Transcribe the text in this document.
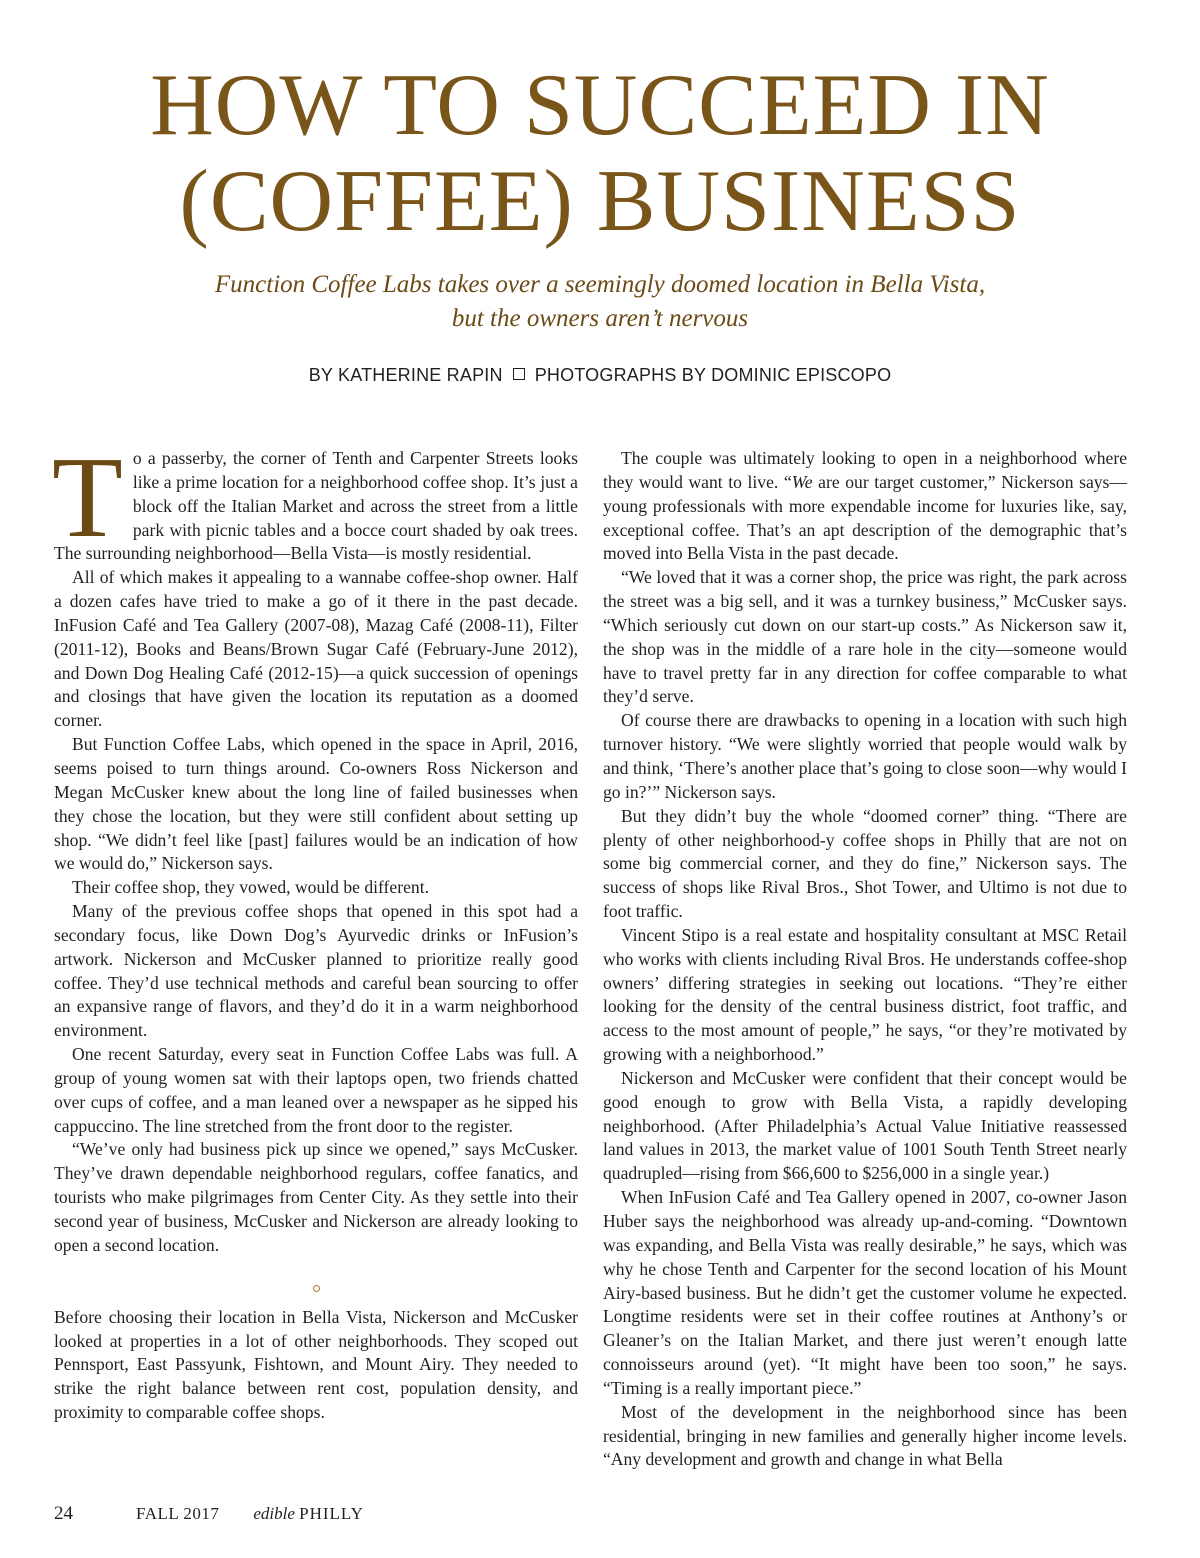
HOW TO SUCCEED IN
(COFFEE) BUSINESS

Function Coffee Labs takes over a seemingly doomed location in Bella Vista,
but the owners aren’t nervous

BY KATHERINE RAPIN PHOTOGRAPHS BY DOMINIC EPISCOPO

To a passerby, the corner of Tenth and Carpenter Streets looks like a prime location for a neighborhood coffee shop. It’s just a block off the Italian Market and across the street from a little park with picnic tables and a bocce court shaded by oak trees. The surrounding neighborhood—Bella Vista—is mostly residential.

All of which makes it appealing to a wannabe coffee-shop owner. Half a dozen cafes have tried to make a go of it there in the past decade. InFusion Café and Tea Gallery (2007-08), Mazag Café (2008-11), Filter (2011-12), Books and Beans/Brown Sugar Café (February-June 2012), and Down Dog Healing Café (2012-15)—a quick succession of openings and closings that have given the location its reputation as a doomed corner.

But Function Coffee Labs, which opened in the space in April, 2016, seems poised to turn things around. Co-owners Ross Nickerson and Megan McCusker knew about the long line of failed businesses when they chose the location, but they were still confident about setting up shop. “We didn’t feel like [past] failures would be an indication of how we would do,” Nickerson says.

Their coffee shop, they vowed, would be different.

Many of the previous coffee shops that opened in this spot had a secondary focus, like Down Dog’s Ayurvedic drinks or InFusion’s artwork. Nickerson and McCusker planned to prioritize really good coffee. They’d use technical methods and careful bean sourcing to offer an expansive range of flavors, and they’d do it in a warm neighborhood environment.

One recent Saturday, every seat in Function Coffee Labs was full. A group of young women sat with their laptops open, two friends chatted over cups of coffee, and a man leaned over a newspaper as he sipped his cappuccino. The line stretched from the front door to the register.

“We’ve only had business pick up since we opened,” says McCusker. They’ve drawn dependable neighborhood regulars, coffee fanatics, and tourists who make pilgrimages from Center City. As they settle into their second year of business, McCusker and Nickerson are already looking to open a second location.

Before choosing their location in Bella Vista, Nickerson and McCusker looked at properties in a lot of other neighborhoods. They scoped out Pennsport, East Passyunk, Fishtown, and Mount Airy. They needed to strike the right balance between rent cost, population density, and proximity to comparable coffee shops.

The couple was ultimately looking to open in a neighborhood where they would want to live. “We are our target customer,” Nickerson says—young professionals with more expendable income for luxuries like, say, exceptional coffee. That’s an apt description of the demographic that’s moved into Bella Vista in the past decade.

“We loved that it was a corner shop, the price was right, the park across the street was a big sell, and it was a turnkey business,” McCusker says. “Which seriously cut down on our start-up costs.” As Nickerson saw it, the shop was in the middle of a rare hole in the city—someone would have to travel pretty far in any direction for coffee comparable to what they’d serve.

Of course there are drawbacks to opening in a location with such high turnover history. “We were slightly worried that people would walk by and think, ‘There’s another place that’s going to close soon—why would I go in?’” Nickerson says.

But they didn’t buy the whole “doomed corner” thing. “There are plenty of other neighborhood-y coffee shops in Philly that are not on some big commercial corner, and they do fine,” Nickerson says. The success of shops like Rival Bros., Shot Tower, and Ultimo is not due to foot traffic.

Vincent Stipo is a real estate and hospitality consultant at MSC Retail who works with clients including Rival Bros. He understands coffee-shop owners’ differing strategies in seeking out locations. “They’re either looking for the density of the central business district, foot traffic, and access to the most amount of people,” he says, “or they’re motivated by growing with a neighborhood.”

Nickerson and McCusker were confident that their concept would be good enough to grow with Bella Vista, a rapidly developing neighborhood. (After Philadelphia’s Actual Value Initiative reassessed land values in 2013, the market value of 1001 South Tenth Street nearly quadrupled—rising from $66,600 to $256,000 in a single year.)

When InFusion Café and Tea Gallery opened in 2007, co-owner Jason Huber says the neighborhood was already up-and-coming. “Downtown was expanding, and Bella Vista was really desirable,” he says, which was why he chose Tenth and Carpenter for the second location of his Mount Airy-based business. But he didn’t get the customer volume he expected. Longtime residents were set in their coffee routines at Anthony’s or Gleaner’s on the Italian Market, and there just weren’t enough latte connoisseurs around (yet). “It might have been too soon,” he says. “Timing is a really important piece.”

Most of the development in the neighborhood since has been residential, bringing in new families and generally higher income levels. “Any development and growth and change in what Bella

24	FALL 2017 edible PHILLY
